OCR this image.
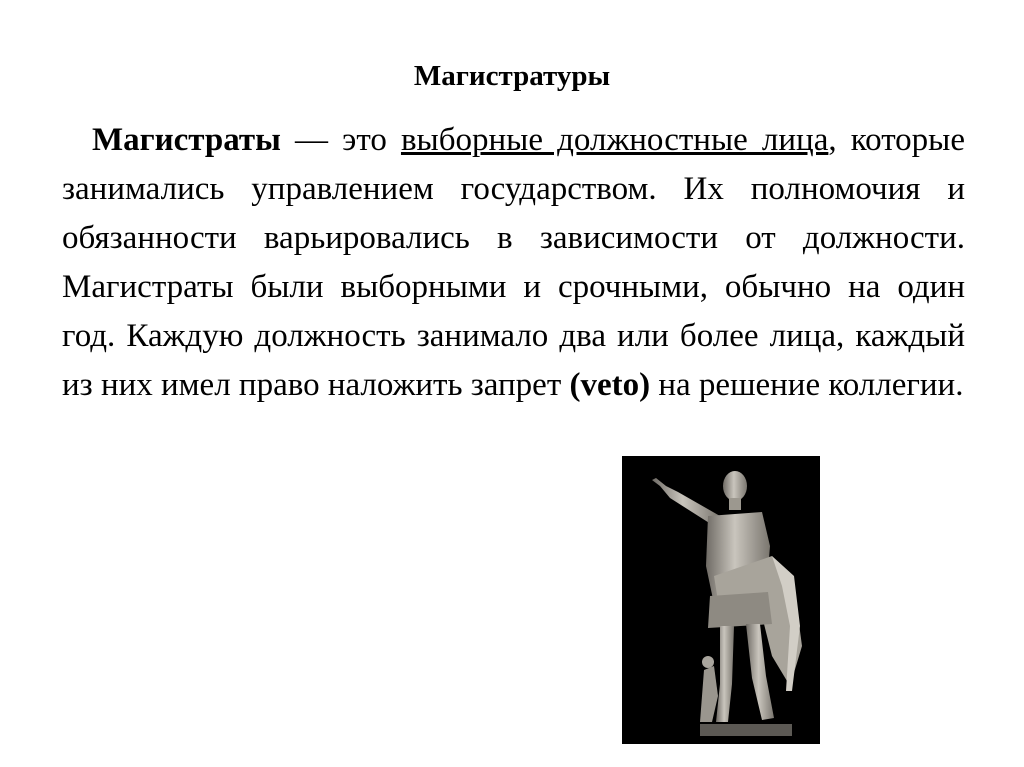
Магистратуры
Магистраты — это выборные должностные лица, которые занимались управлением государством. Их полномочия и обязанности варьировались в зависимости от должности. Магистраты были выборными и срочными, обычно на один год. Каждую должность занимало два или более лица, каждый из них имел право наложить запрет (veto) на решение коллегии.
